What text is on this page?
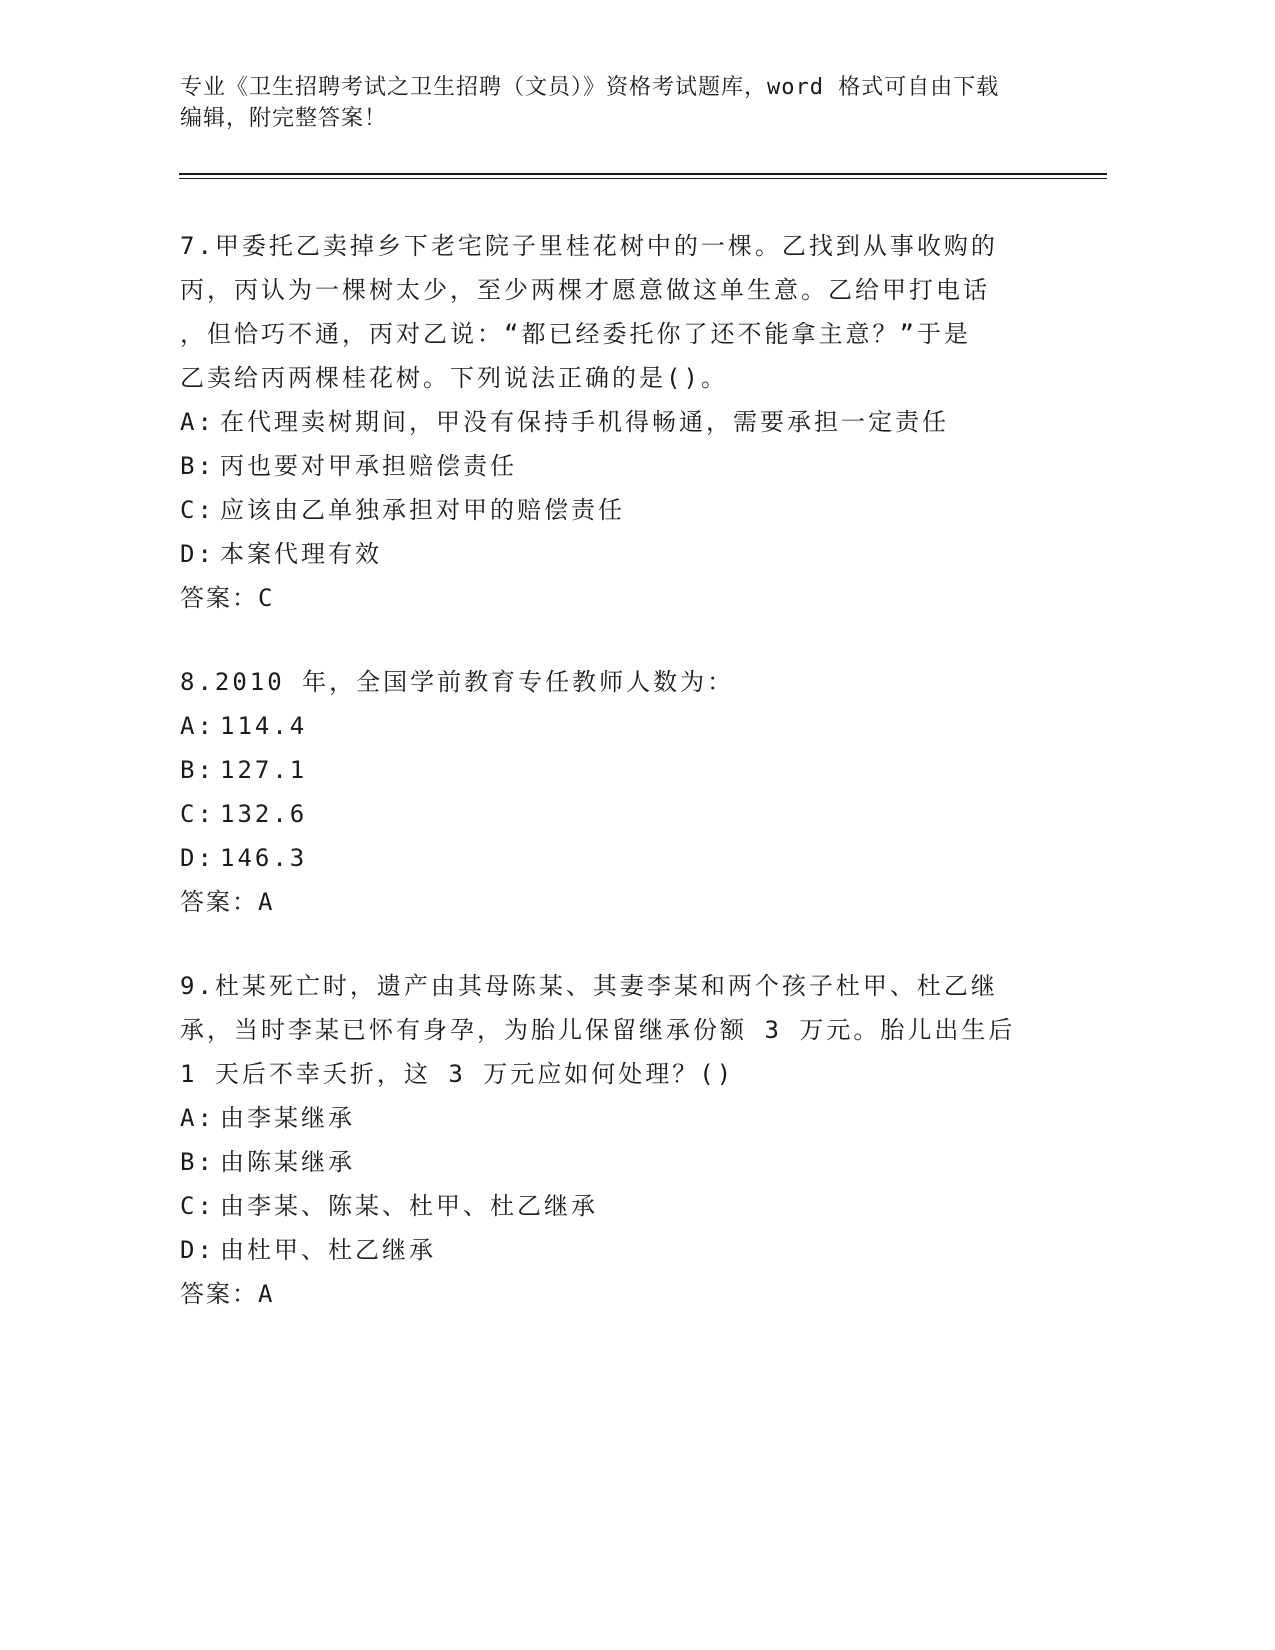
专业《卫生招聘考试之卫生招聘（文员）》资格考试题库，word 格式可自由下载
编辑，附完整答案！

7.甲委托乙卖掉乡下老宅院子里桂花树中的一棵。乙找到从事收购的

丙，丙认为一棵树太少，至少两棵才愿意做这单生意。乙给甲打电话

，但恰巧不通，丙对乙说：“都已经委托你了还不能拿主意？”于是

乙卖给丙两棵桂花树。下列说法正确的是()。

A: 在代理卖树期间，甲没有保持手机得畅通，需要承担一定责任

B: 丙也要对甲承担赔偿责任

C: 应该由乙单独承担对甲的赔偿责任

D: 本案代理有效

答案：C

8.2010 年，全国学前教育专任教师人数为：

A: 114.4

B: 127.1

C: 132.6

D: 146.3

答案：A

9.杜某死亡时，遗产由其母陈某、其妻李某和两个孩子杜甲、杜乙继

承，当时李某已怀有身孕，为胎儿保留继承份额 3 万元。胎儿出生后

1 天后不幸夭折，这 3 万元应如何处理？()

A: 由李某继承

B: 由陈某继承

C: 由李某、陈某、杜甲、杜乙继承

D: 由杜甲、杜乙继承

答案：A
